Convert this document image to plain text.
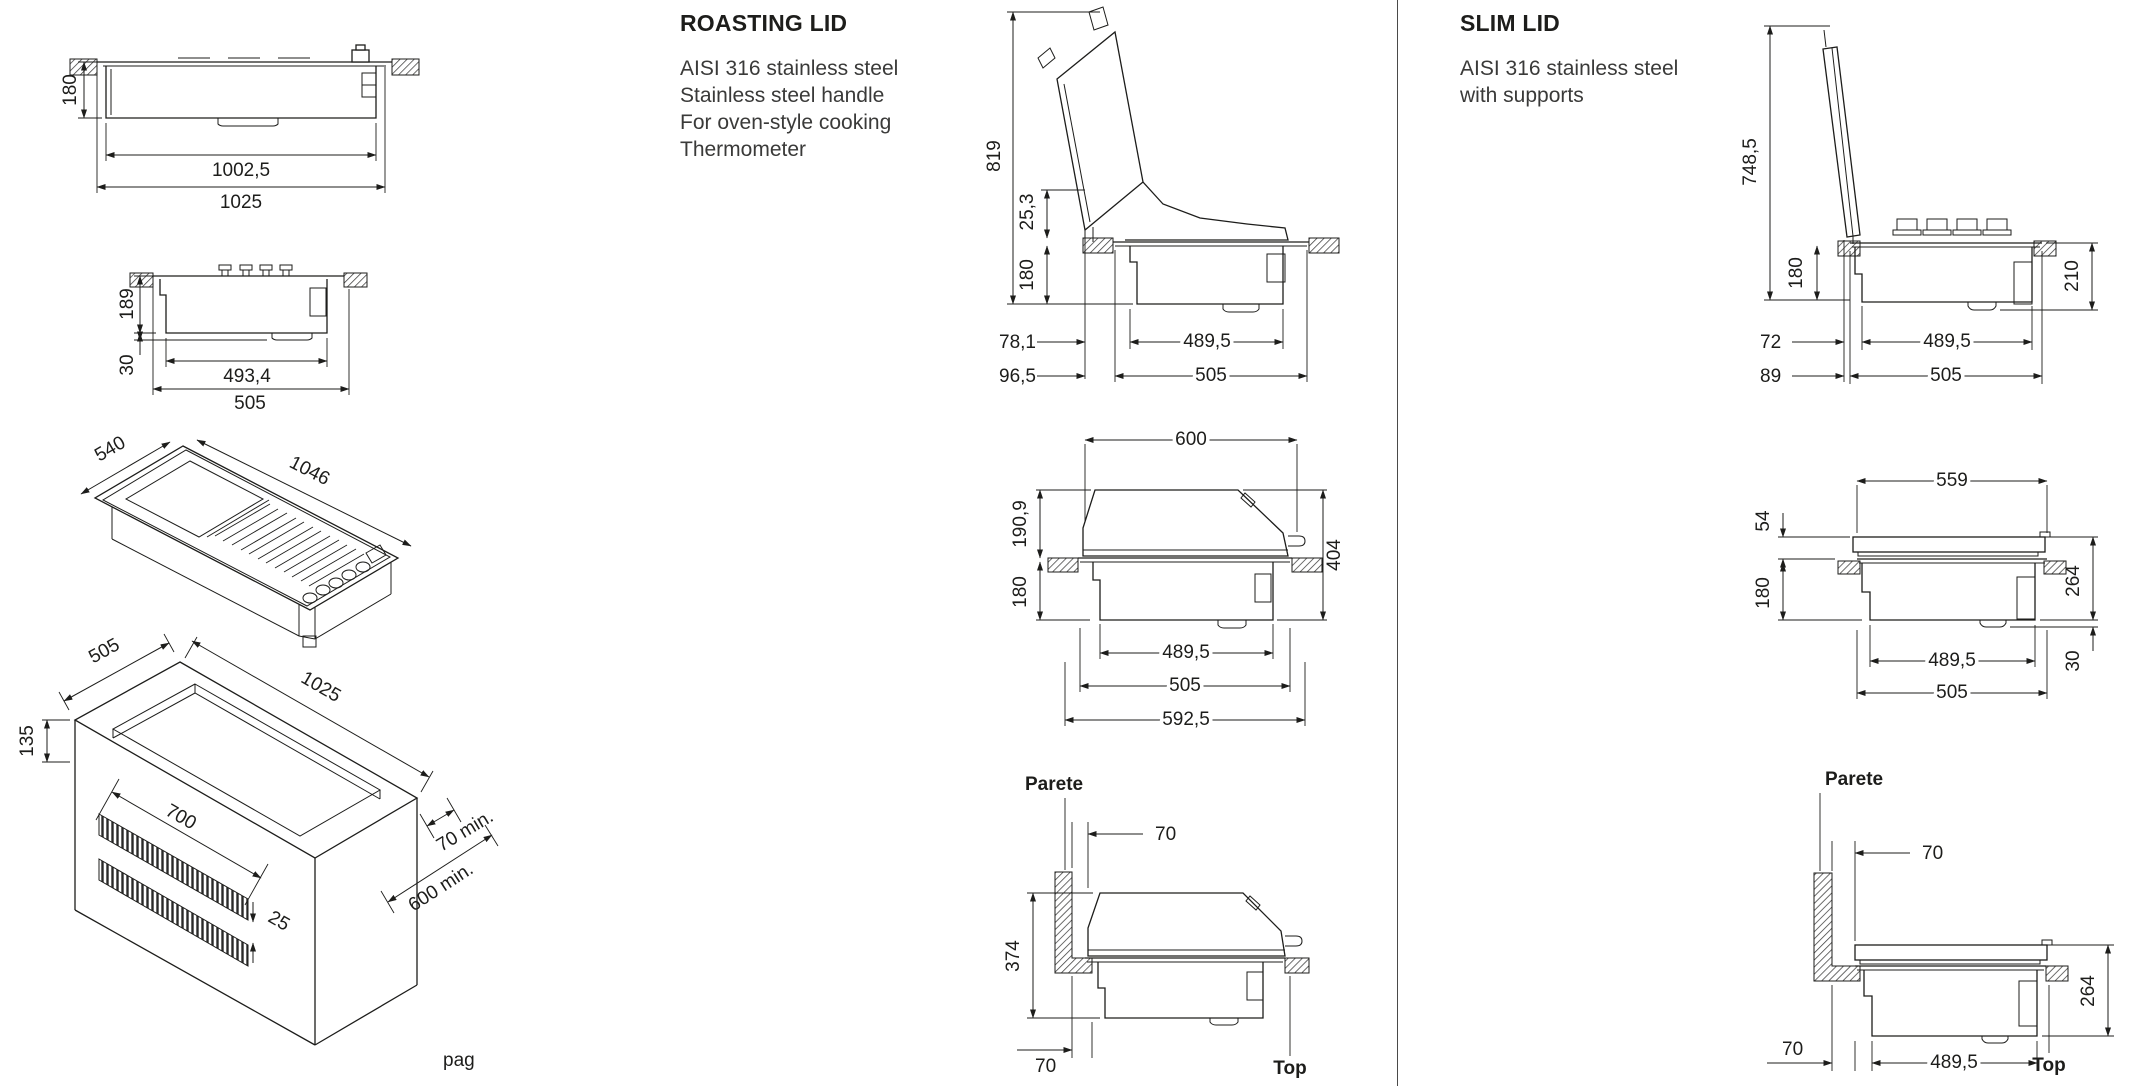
180
1002,5
1025
189
30
493,4
505
540
1046
700
25
505
135
1025
70 min.
600 min.
pag
ROASTING LID
AISI 316 stainless steel
Stainless steel handle
For oven-style cooking
Thermometer	819
25,3
180
78,1	489,5
96,5	505
600
190,9
180
404
489,5
505
592,5
Parete
70
374
70	Top
SLIM LID
AISI 316 stainless steel
with supports
748,5
180	210
72	489,5
89	505
559
54
180	264
30
489,5
505
Parete
70
70
489,5
264
Top
